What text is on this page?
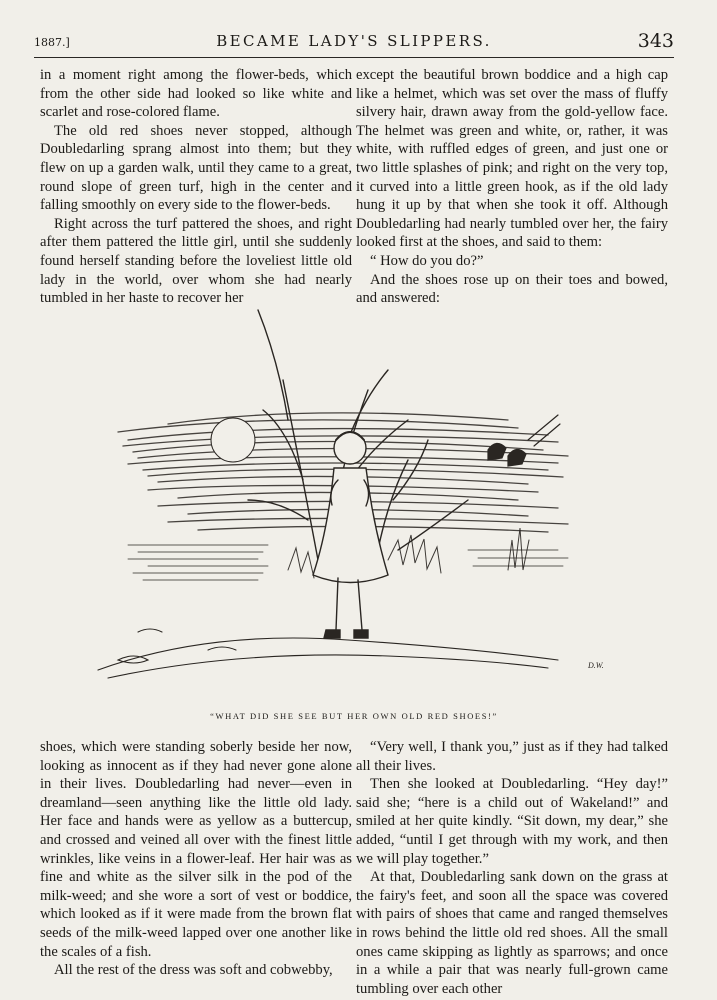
1887.]	BECAME LADY'S SLIPPERS.	343

in a moment right among the flower-beds, which from the other side had looked so like white and scarlet and rose-colored flame.

The old red shoes never stopped, although Doubledarling sprang almost into them; but they flew on up a garden walk, until they came to a great, round slope of green turf, high in the center and falling smoothly on every side to the flower-beds.

Right across the turf pattered the shoes, and right after them pattered the little girl, until she suddenly found herself standing before the loveliest little old lady in the world, over whom she had nearly tumbled in her haste to recover her

except the beautiful brown boddice and a high cap like a helmet, which was set over the mass of fluffy silvery hair, drawn away from the gold-yellow face. The helmet was green and white, or, rather, it was white, with ruffled edges of green, and just one or two little splashes of pink; and right on the very top, it curved into a little green hook, as if the old lady hung it up by that when she took it off. Although Doubledarling had nearly tumbled over her, the fairy looked first at the shoes, and said to them:

“ How do you do?”

And the shoes rose up on their toes and bowed, and answered:

D.W.
“WHAT DID SHE SEE BUT HER OWN OLD RED SHOES!”

shoes, which were standing soberly beside her now, looking as innocent as if they had never gone alone in their lives. Doubledarling had never—even in dreamland—seen anything like the little old lady. Her face and hands were as yellow as a buttercup, and crossed and veined all over with the finest little wrinkles, like veins in a flower-leaf. Her hair was as fine and white as the silver silk in the pod of the milk-weed; and she wore a sort of vest or boddice, which looked as if it were made from the brown flat seeds of the milk-weed lapped over one another like the scales of a fish.

All the rest of the dress was soft and cobwebby,

“Very well, I thank you,” just as if they had talked all their lives.

Then she looked at Doubledarling. “Hey day!” said she; “here is a child out of Wakeland!” and smiled at her quite kindly. “Sit down, my dear,” she added, “until I get through with my work, and then we will play together.”

At that, Doubledarling sank down on the grass at the fairy's feet, and soon all the space was covered with pairs of shoes that came and ranged themselves in rows behind the little old red shoes. All the small ones came skipping as lightly as sparrows; and once in a while a pair that was nearly full-grown came tumbling over each other
